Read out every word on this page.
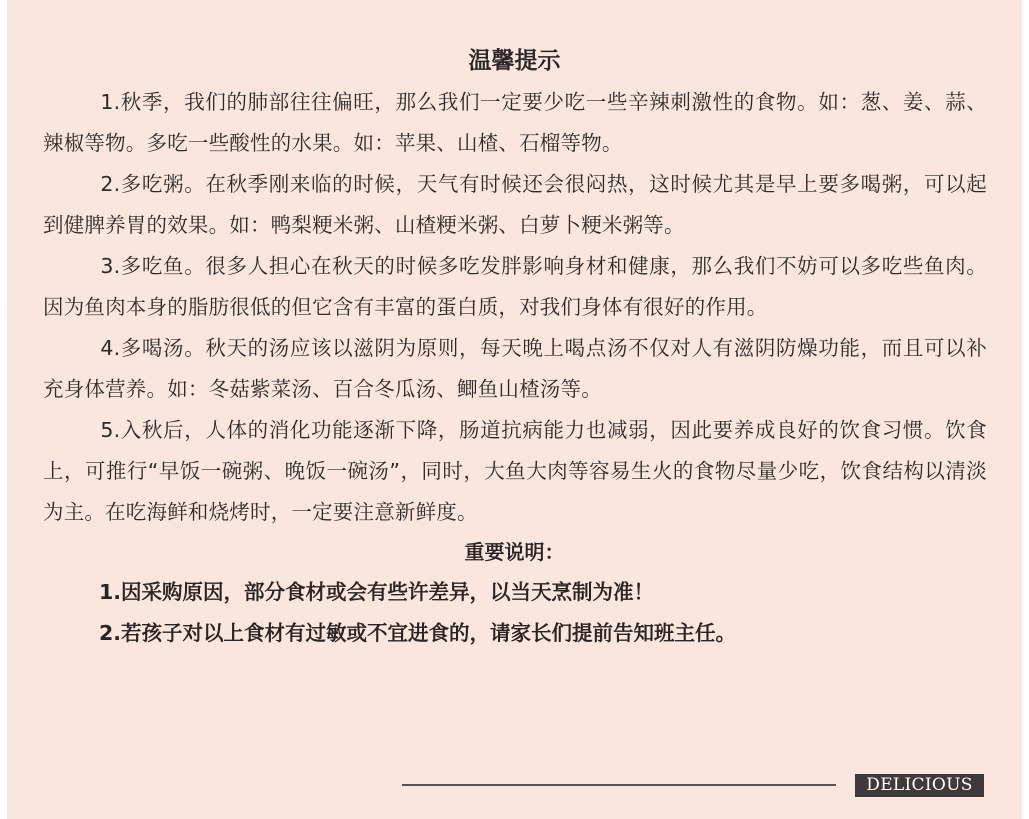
温馨提示

1.秋季，我们的肺部往往偏旺，那么我们一定要少吃一些辛辣刺激性的食物。如：葱、姜、蒜、辣椒等物。多吃一些酸性的水果。如：苹果、山楂、石榴等物。

2.多吃粥。在秋季刚来临的时候，天气有时候还会很闷热，这时候尤其是早上要多喝粥，可以起到健脾养胃的效果。如：鸭梨粳米粥、山楂粳米粥、白萝卜粳米粥等。

3.多吃鱼。很多人担心在秋天的时候多吃发胖影响身材和健康，那么我们不妨可以多吃些鱼肉。因为鱼肉本身的脂肪很低的但它含有丰富的蛋白质，对我们身体有很好的作用。

4.多喝汤。秋天的汤应该以滋阴为原则，每天晚上喝点汤不仅对人有滋阴防燥功能，而且可以补充身体营养。如：冬菇紫菜汤、百合冬瓜汤、鲫鱼山楂汤等。

5.入秋后，人体的消化功能逐渐下降，肠道抗病能力也减弱，因此要养成良好的饮食习惯。饮食上，可推行“早饭一碗粥、晚饭一碗汤”，同时，大鱼大肉等容易生火的食物尽量少吃，饮食结构以清淡为主。在吃海鲜和烧烤时，一定要注意新鲜度。

重要说明：
1.因采购原因，部分食材或会有些许差异，以当天烹制为准！
2.若孩子对以上食材有过敏或不宜进食的，请家长们提前告知班主任。
DELICIOUS
